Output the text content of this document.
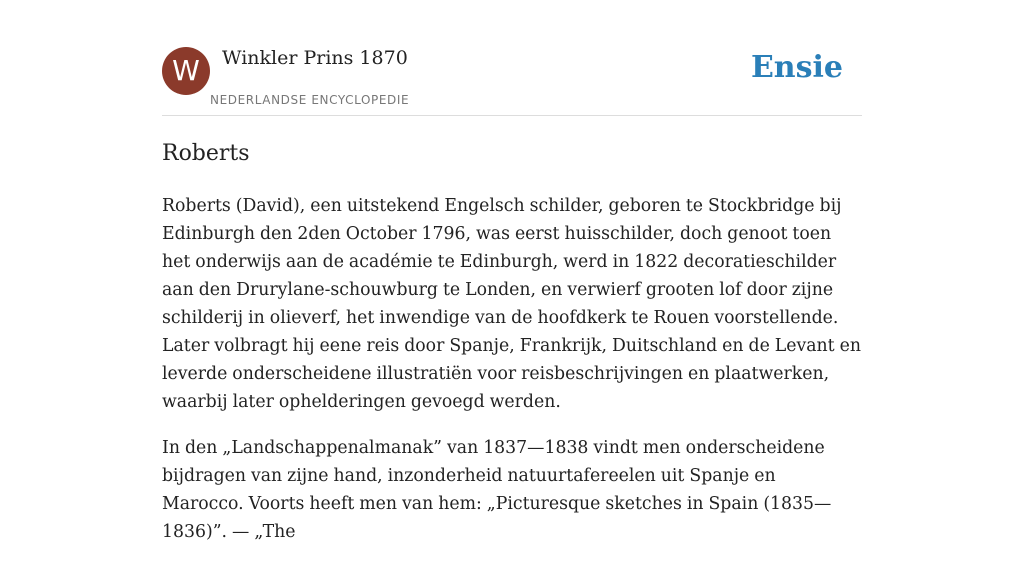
W	Winkler Prins 1870
NEDERLANDSE ENCYCLOPEDIE
Ensie
Roberts

Roberts (David), een uitstekend Engelsch schilder, geboren te Stockbridge bij Edinburgh den 2den October 1796, was eerst huisschilder, doch genoot toen het onderwijs aan de académie te Edinburgh, werd in 1822 decoratieschilder aan den Drurylane-schouwburg te Londen, en verwierf grooten lof door zijne schilderij in olieverf, het inwendige van de hoofdkerk te Rouen voorstellende. Later volbragt hij eene reis door Spanje, Frankrijk, Duitschland en de Levant en leverde onderscheidene illustratiën voor reisbeschrijvingen en plaatwerken, waarbij later ophelderingen gevoegd werden.

In den „Landschappenalmanak” van 1837—1838 vindt men onderscheidene bijdragen van zijne hand, inzonderheid natuurtafereelen uit Spanje en Marocco. Voorts heeft men van hem: „Picturesque sketches in Spain (1835—1836)”. — „The
